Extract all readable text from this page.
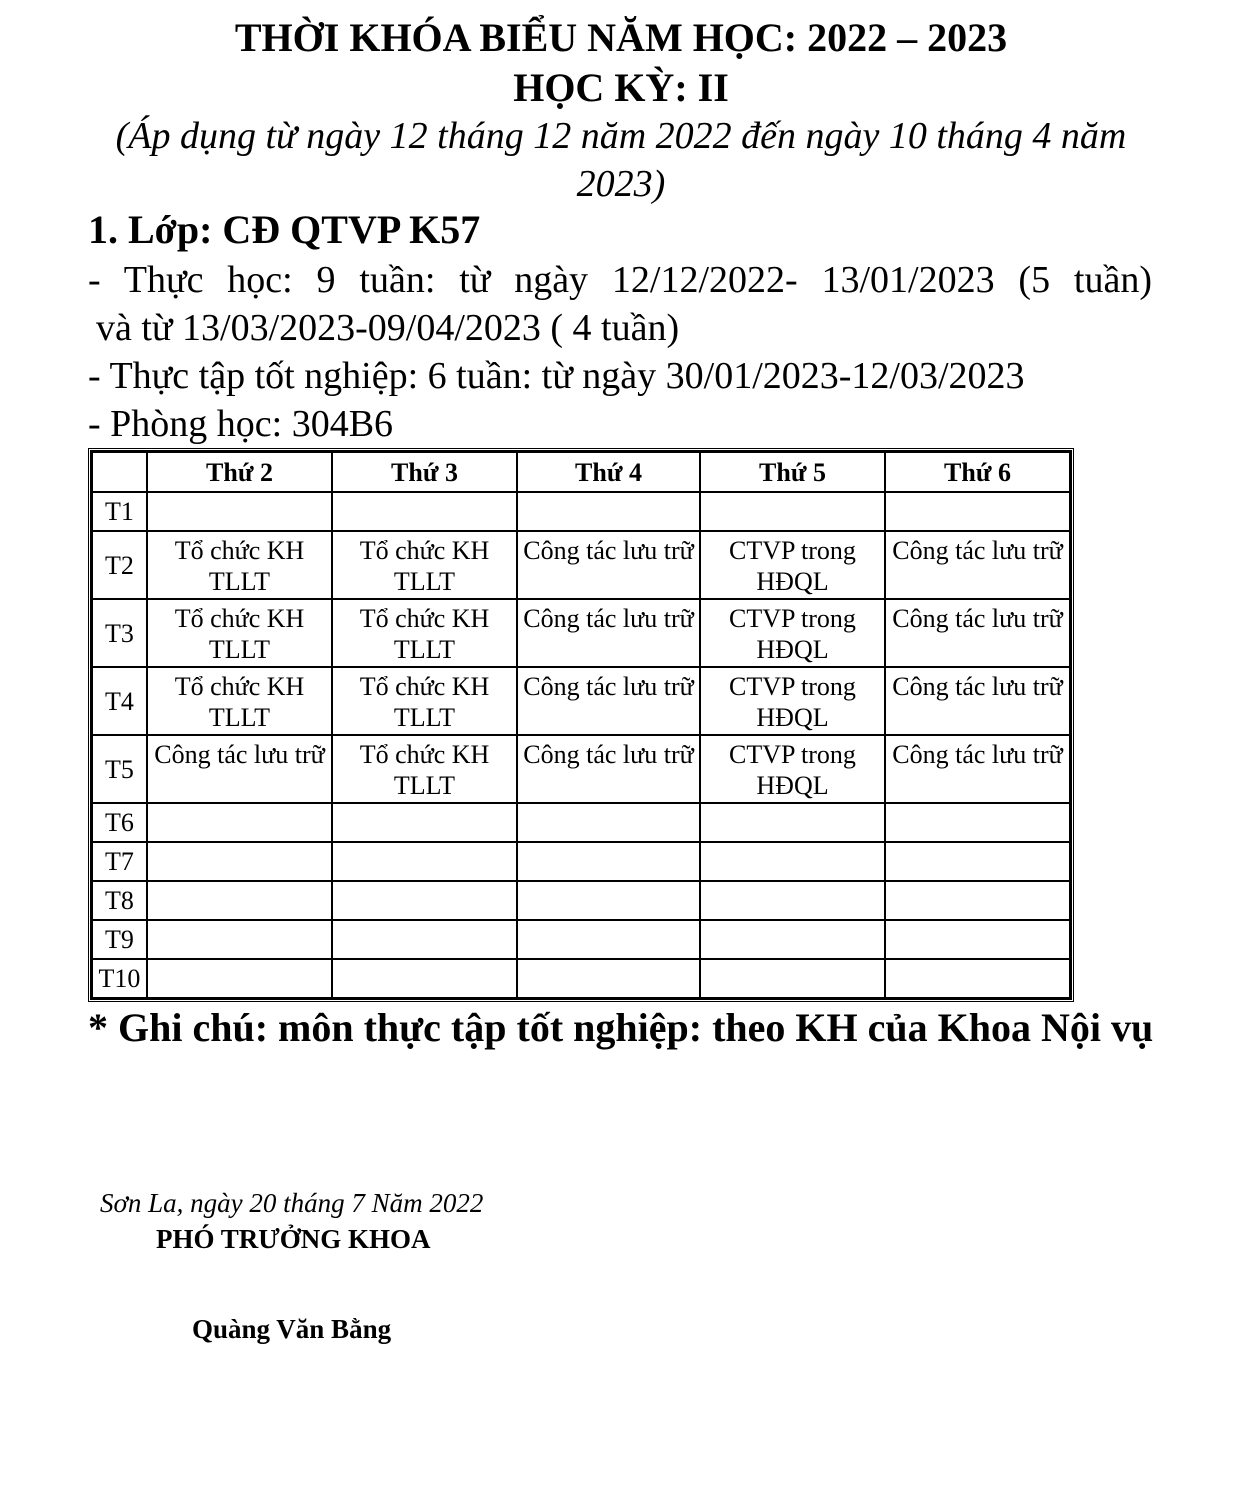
THỜI KHÓA BIỂU NĂM HỌC: 2022 – 2023
HỌC KỲ: II
(Áp dụng từ ngày 12 tháng 12 năm 2022 đến ngày 10 tháng 4 năm 2023)
1. Lớp: CĐ QTVP K57
- Thực học: 9 tuần: từ ngày 12/12/2022- 13/01/2023 (5 tuần)
và từ 13/03/2023-09/04/2023 ( 4 tuần)
- Thực tập tốt nghiệp: 6 tuần: từ ngày 30/01/2023-12/03/2023
- Phòng học: 304B6
	Thứ 2	Thứ 3	Thứ 4	Thứ 5	Thứ 6
T1	

T2	Tổ chức KH TLLT	Tổ chức KH TLLT	Công tác lưu trữ	CTVP trong HĐQL	Công tác lưu trữ

T3	Tổ chức KH TLLT	Tổ chức KH TLLT	Công tác lưu trữ	CTVP trong HĐQL	Công tác lưu trữ

T4	Tổ chức KH TLLT	Tổ chức KH TLLT	Công tác lưu trữ	CTVP trong HĐQL	Công tác lưu trữ

T5	Công tác lưu trữ	Tổ chức KH TLLT	Công tác lưu trữ	CTVP trong HĐQL	Công tác lưu trữ

T6	

T7	

T8	

T9	

T10	

* Ghi chú: môn thực tập tốt nghiệp: theo KH của Khoa Nội vụ
Sơn La, ngày 20 tháng 7 Năm 2022
PHÓ TRƯỞNG KHOA
Quàng Văn Bằng
